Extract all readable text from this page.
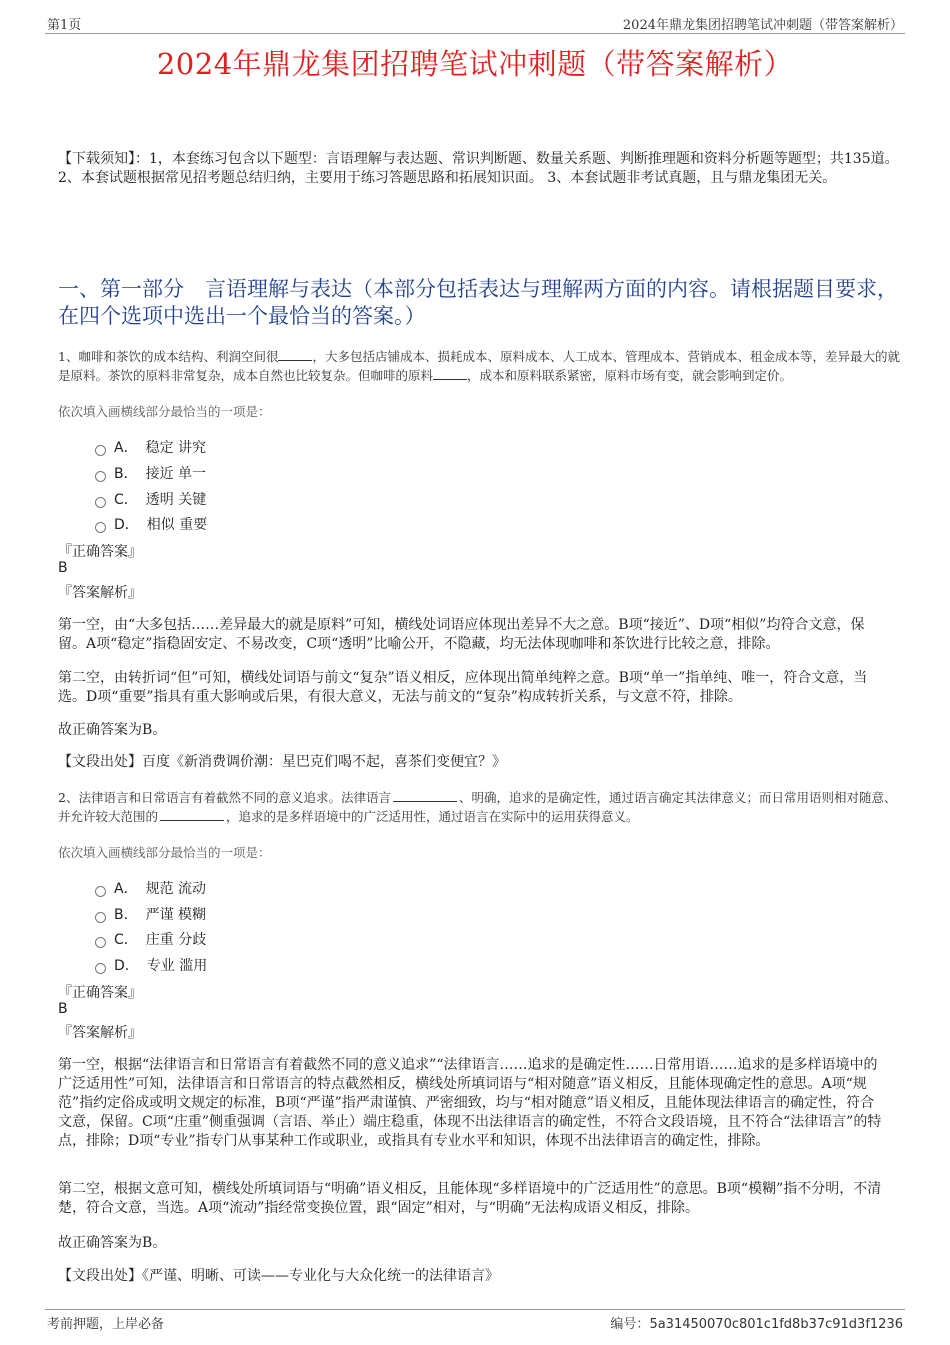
第1页	2024年鼎龙集团招聘笔试冲刺题（带答案解析）
2024年鼎龙集团招聘笔试冲刺题（带答案解析）
【下载须知】：1，本套练习包含以下题型：言语理解与表达题、常识判断题、数量关系题、判断推理题和资料分析题等题型；共135道。 2、本套试题根据常见招考题总结归纳，主要用于练习答题思路和拓展知识面。 3、本套试题非考试真题，且与鼎龙集团无关。
一、第一部分　言语理解与表达（本部分包括表达与理解两方面的内容。请根据题目要求，在四个选项中选出一个最恰当的答案。）
1、咖啡和茶饮的成本结构、利润空间很	，大多包括店铺成本、损耗成本、原料成本、人工成本、管理成本、营销成本、租金成本等，差异最大的就是原料。茶饮的原料非常复杂，成本自然也比较复杂。但咖啡的原料	，成本和原料联系紧密，原料市场有变，就会影响到定价。
依次填入画横线部分最恰当的一项是：
A． 稳定 讲究
B． 接近 单一
C． 透明 关键
D． 相似 重要
『正确答案』
B
『答案解析』
第一空，由“大多包括……差异最大的就是原料”可知，横线处词语应体现出差异不大之意。B项“接近”、D项“相似”均符合文意，保留。A项“稳定”指稳固安定、不易改变，C项“透明”比喻公开，不隐藏，均无法体现咖啡和茶饮进行比较之意，排除。
第二空，由转折词“但”可知，横线处词语与前文“复杂”语义相反，应体现出简单纯粹之意。B项“单一”指单纯、唯一，符合文意，当选。D项“重要”指具有重大影响或后果，有很大意义，无法与前文的“复杂”构成转折关系，与文意不符，排除。
故正确答案为B。
【文段出处】百度《新消费调价潮：星巴克们喝不起，喜茶们变便宜？》
2、法律语言和日常语言有着截然不同的意义追求。法律语言	、明确，追求的是确定性，通过语言确定其法律意义；而日常用语则相对随意、并允许较大范围的	，追求的是多样语境中的广泛适用性，通过语言在实际中的运用获得意义。
依次填入画横线部分最恰当的一项是：
A． 规范 流动
B． 严谨 模糊
C． 庄重 分歧
D． 专业 滥用
『正确答案』
B
『答案解析』
第一空，根据“法律语言和日常语言有着截然不同的意义追求”“法律语言……追求的是确定性……日常用语……追求的是多样语境中的广泛适用性”可知，法律语言和日常语言的特点截然相反，横线处所填词语与“相对随意”语义相反，且能体现确定性的意思。A项“规范”指约定俗成或明文规定的标准，B项“严谨”指严肃谨慎、严密细致，均与“相对随意”语义相反，且能体现法律语言的确定性，符合文意，保留。C项“庄重”侧重强调（言语、举止）端庄稳重，体现不出法律语言的确定性，不符合文段语境，且不符合“法律语言”的特点，排除；D项“专业”指专门从事某种工作或职业，或指具有专业水平和知识，体现不出法律语言的确定性，排除。
第二空，根据文意可知，横线处所填词语与“明确”语义相反，且能体现“多样语境中的广泛适用性”的意思。B项“模糊”指不分明，不清楚，符合文意，当选。A项“流动”指经常变换位置，跟“固定”相对，与“明确”无法构成语义相反，排除。
故正确答案为B。
【文段出处】《严谨、明晰、可读——专业化与大众化统一的法律语言》
考前押题，上岸必备	编号：5a31450070c801c1fd8b37c91d3f1236
